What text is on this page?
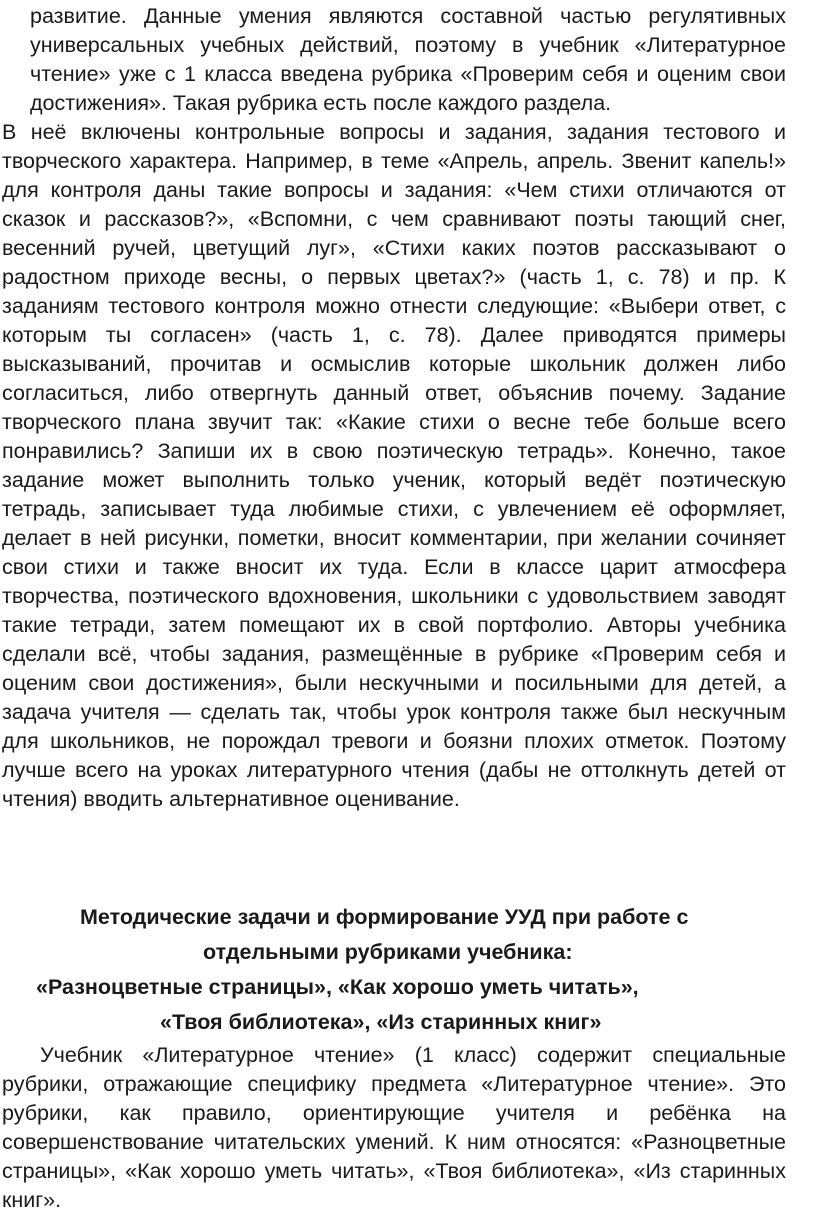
развитие. Данные умения являются составной частью регулятивных универсальных учебных действий, поэтому в учебник «Литературное чтение» уже с 1 класса введена рубрика «Проверим себя и оценим свои достижения». Такая рубрика есть после каждого раздела.

В неё включены контрольные вопросы и задания, задания тестового и творческого характера. Например, в теме «Апрель, апрель. Звенит капель!» для контроля даны такие вопросы и задания: «Чем стихи отличаются от сказок и рассказов?», «Вспомни, с чем сравнивают поэты тающий снег, весенний ручей, цветущий луг», «Стихи каких поэтов рассказывают о радостном приходе весны, о первых цветах?» (часть 1, с. 78) и пр. К заданиям тестового контроля можно отнести следующие: «Выбери ответ, с которым ты согласен» (часть 1, с. 78). Далее приводятся примеры высказываний, прочитав и осмыслив которые школьник должен либо согласиться, либо отвергнуть данный ответ, объяснив почему. Задание творческого плана звучит так: «Какие стихи о весне тебе больше всего понравились? Запиши их в свою поэтическую тетрадь». Конечно, такое задание может выполнить только ученик, который ведёт поэтическую тетрадь, записывает туда любимые стихи, с увлечением её оформляет, делает в ней рисунки, пометки, вносит комментарии, при желании сочиняет свои стихи и также вносит их туда. Если в классе царит атмосфера творчества, поэтического вдохновения, школьники с удовольствием заводят такие тетради, затем помещают их в свой портфолио. Авторы учебника сделали всё, чтобы задания, размещённые в рубрике «Проверим себя и оценим свои достижения», были нескучными и посильными для детей, а задача учителя — сделать так, чтобы урок контроля также был нескучным для школьников, не порождал тревоги и боязни плохих отметок. Поэтому лучше всего на уроках литературного чтения (дабы не оттолкнуть детей от чтения) вводить альтернативное оценивание.

Методические задачи и формирование УУД при работе с
отдельными рубриками учебника:
«Разноцветные страницы», «Как хорошо уметь читать»,
«Твоя библиотека», «Из старинных книг»

Учебник «Литературное чтение» (1 класс) содержит специальные рубрики, отражающие специфику предмета «Литературное чтение». Это рубрики, как правило, ориентирующие учителя и ребёнка на совершенствование читательских умений. К ним относятся: «Разноцветные страницы», «Как хорошо уметь читать», «Твоя библиотека», «Из старинных книг».
